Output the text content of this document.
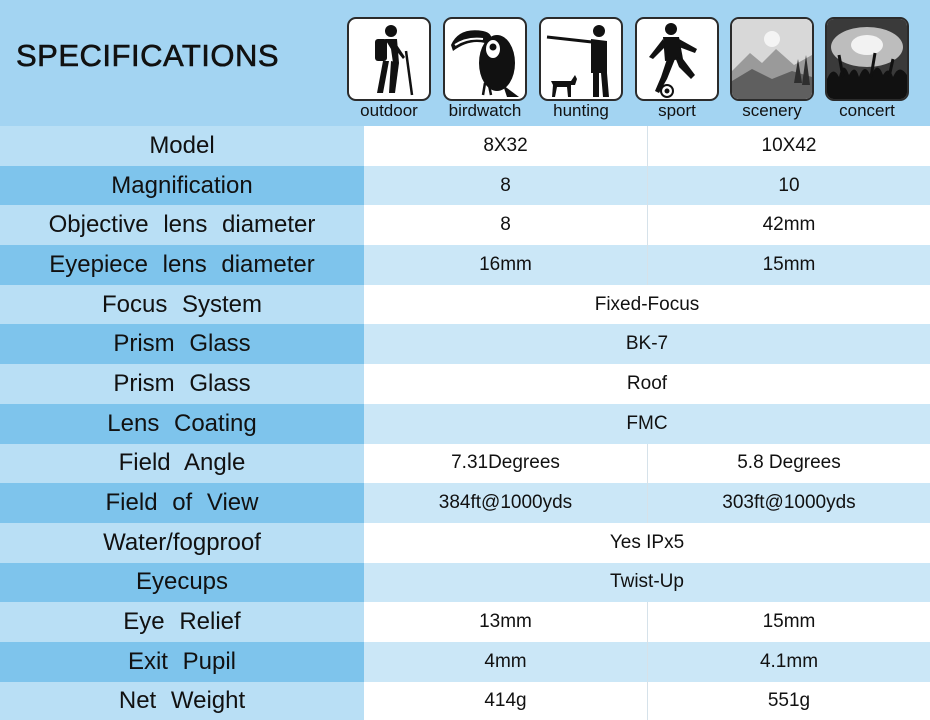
SPECIFICATIONS
outdoor	birdwatch	hunting	sport	scenery	concert
Model	8X32	10X42
Magnification	8	10
Objective lens diameter	8	42mm
Eyepiece lens diameter	16mm	15mm
Focus System	Fixed-Focus
Prism Glass	BK-7
Prism Glass	Roof
Lens Coating	FMC
Field Angle	7.31Degrees	5.8 Degrees
Field of View	384ft@1000yds	303ft@1000yds
Water/fogproof	Yes IPx5
Eyecups	Twist-Up
Eye Relief	13mm	15mm
Exit Pupil	4mm	4.1mm
Net Weight	414g	551g
